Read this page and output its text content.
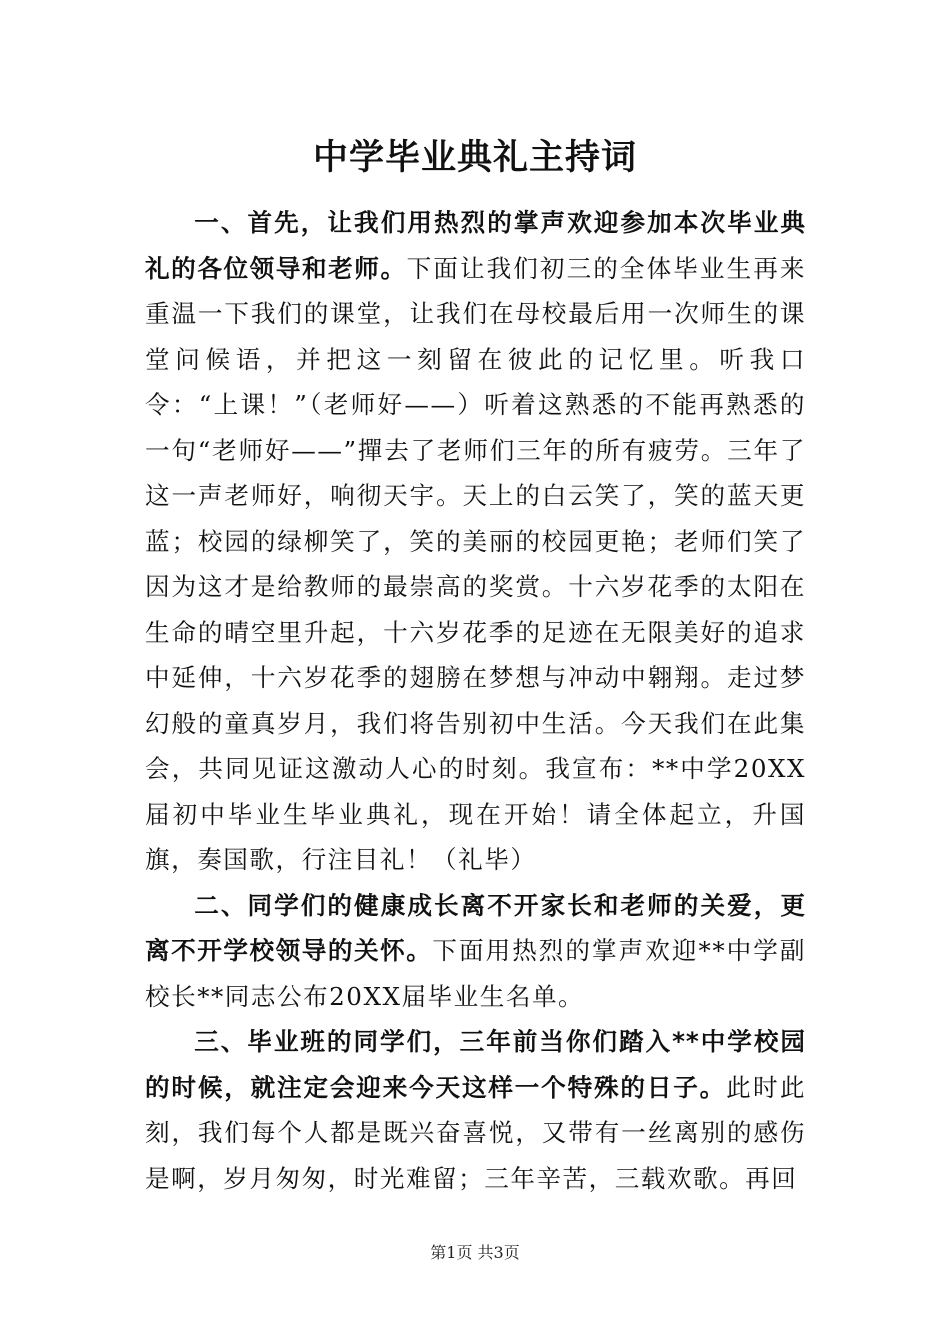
中学毕业典礼主持词

一、首先，让我们用热烈的掌声欢迎参加本次毕业典礼的各位领导和老师。下面让我们初三的全体毕业生再来重温一下我们的课堂，让我们在母校最后用一次师生的课堂问候语，并把这一刻留在彼此的记忆里。听我口令：“上课！”（老师好——）听着这熟悉的不能再熟悉的一句“老师好——”撣去了老师们三年的所有疲劳。三年了这一声老师好，响彻天宇。天上的白云笑了，笑的蓝天更蓝；校园的绿柳笑了，笑的美丽的校园更艳；老师们笑了因为这才是给教师的最崇高的奖赏。十六岁花季的太阳在生命的晴空里升起，十六岁花季的足迹在无限美好的追求中延伸，十六岁花季的翅膀在梦想与冲动中翱翔。走过梦幻般的童真岁月，我们将告别初中生活。今天我们在此集会，共同见证这激动人心的时刻。我宣布：**中学20XX届初中毕业生毕业典礼，现在开始！请全体起立，升国旗，奏国歌，行注目礼！（礼毕）

二、同学们的健康成长离不开家长和老师的关爱，更离不开学校领导的关怀。下面用热烈的掌声欢迎**中学副校长**同志公布20XX届毕业生名单。

三、毕业班的同学们，三年前当你们踏入**中学校园的时候，就注定会迎来今天这样一个特殊的日子。此时此刻，我们每个人都是既兴奋喜悦，又带有一丝离别的感伤是啊，岁月匆匆，时光难留；三年辛苦，三载欢歌。再回

第1页 共3页
